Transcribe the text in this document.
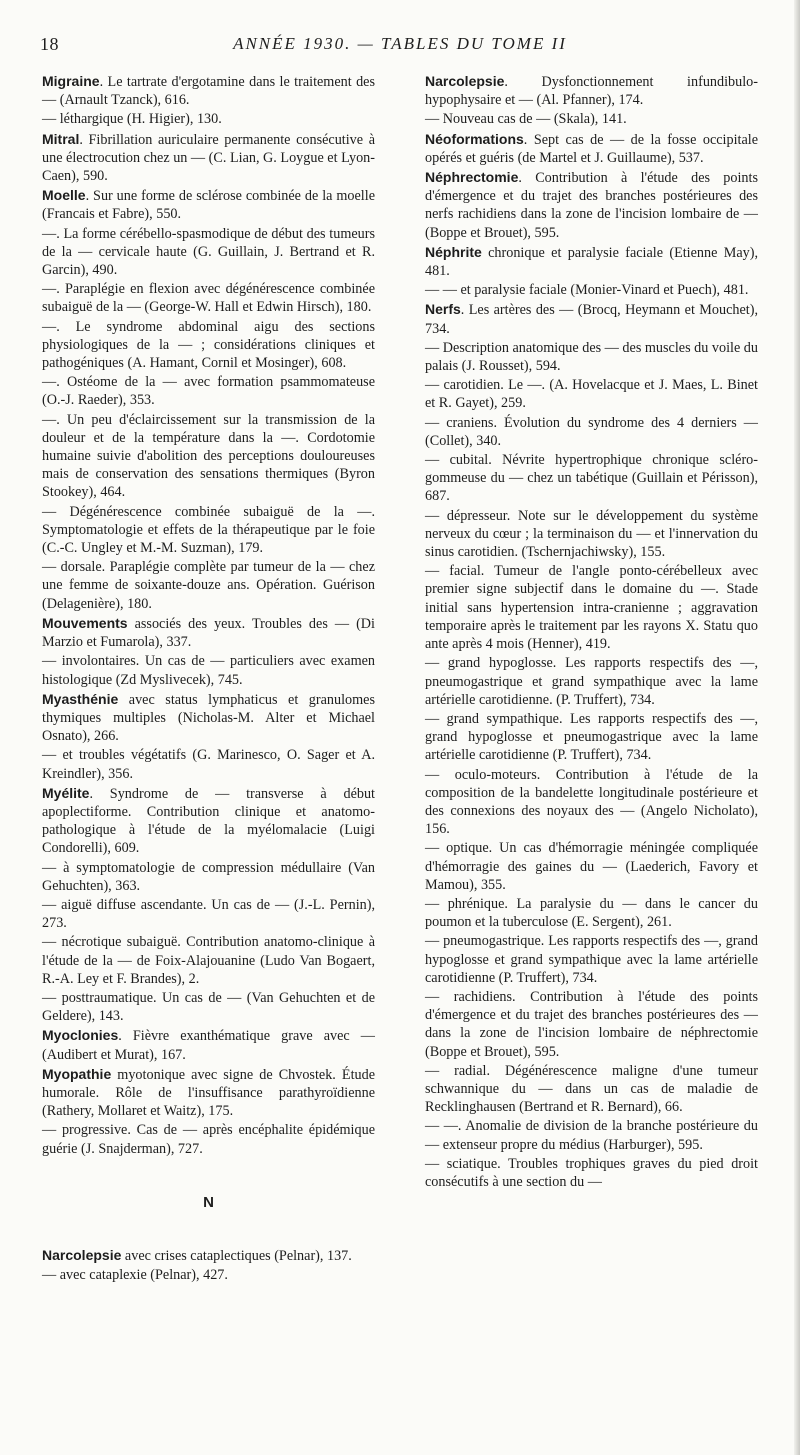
18	ANNÉE 1930. — TABLES DU TOME II

Migraine. Le tartrate d'ergotamine dans le traitement des — (Arnault Tzanck), 616.

— léthargique (H. Higier), 130.

Mitral. Fibrillation auriculaire permanente consécutive à une électrocution chez un — (C. Lian, G. Loygue et Lyon-Caen), 590.

Moelle. Sur une forme de sclérose combinée de la moelle (Francais et Fabre), 550.

—. La forme cérébello-spasmodique de début des tumeurs de la — cervicale haute (G. Guillain, J. Bertrand et R. Garcin), 490.

—. Paraplégie en flexion avec dégénérescence combinée subaiguë de la — (George-W. Hall et Edwin Hirsch), 180.

—. Le syndrome abdominal aigu des sections physiologiques de la — ; considérations cliniques et pathogéniques (A. Hamant, Cornil et Mosinger), 608.

—. Ostéome de la — avec formation psammomateuse (O.-J. Raeder), 353.

—. Un peu d'éclaircissement sur la transmission de la douleur et de la température dans la —. Cordotomie humaine suivie d'abolition des perceptions douloureuses mais de conservation des sensations thermiques (Byron Stookey), 464.

— Dégénérescence combinée subaiguë de la —. Symptomatologie et effets de la thérapeutique par le foie (C.-C. Ungley et M.-M. Suzman), 179.

— dorsale. Paraplégie complète par tumeur de la — chez une femme de soixante-douze ans. Opération. Guérison (Delagenière), 180.

Mouvements associés des yeux. Troubles des — (Di Marzio et Fumarola), 337.

— involontaires. Un cas de — particuliers avec examen histologique (Zd Myslivecek), 745.

Myasthénie avec status lymphaticus et granulomes thymiques multiples (Nicholas-M. Alter et Michael Osnato), 266.

— et troubles végétatifs (G. Marinesco, O. Sager et A. Kreindler), 356.

Myélite. Syndrome de — transverse à début apoplectiforme. Contribution clinique et anatomo-pathologique à l'étude de la myélomalacie (Luigi Condorelli), 609.

— à symptomatologie de compression médullaire (Van Gehuchten), 363.

— aiguë diffuse ascendante. Un cas de — (J.-L. Pernin), 273.

— nécrotique subaiguë. Contribution anatomo-clinique à l'étude de la — de Foix-Alajouanine (Ludo Van Bogaert, R.-A. Ley et F. Brandes), 2.

— posttraumatique. Un cas de — (Van Gehuchten et de Geldere), 143.

Myoclonies. Fièvre exanthématique grave avec — (Audibert et Murat), 167.

Myopathie myotonique avec signe de Chvostek. Étude humorale. Rôle de l'insuffisance parathyroïdienne (Rathery, Mollaret et Waitz), 175.

— progressive. Cas de — après encéphalite épidémique guérie (J. Snajderman), 727.

N

Narcolepsie avec crises cataplectiques (Pelnar), 137.

— avec cataplexie (Pelnar), 427.

Narcolepsie. Dysfonctionnement infundibulo-hypophysaire et — (Al. Pfanner), 174.

— Nouveau cas de — (Skala), 141.

Néoformations. Sept cas de — de la fosse occipitale opérés et guéris (de Martel et J. Guillaume), 537.

Néphrectomie. Contribution à l'étude des points d'émergence et du trajet des branches postérieures des nerfs rachidiens dans la zone de l'incision lombaire de — (Boppe et Brouet), 595.

Néphrite chronique et paralysie faciale (Etienne May), 481.

— — et paralysie faciale (Monier-Vinard et Puech), 481.

Nerfs. Les artères des — (Brocq, Heymann et Mouchet), 734.

— Description anatomique des — des muscles du voile du palais (J. Rousset), 594.

— carotidien. Le —. (A. Hovelacque et J. Maes, L. Binet et R. Gayet), 259.

— craniens. Évolution du syndrome des 4 derniers — (Collet), 340.

— cubital. Névrite hypertrophique chronique scléro-gommeuse du — chez un tabétique (Guillain et Périsson), 687.

— dépresseur. Note sur le développement du système nerveux du cœur ; la terminaison du — et l'innervation du sinus carotidien. (Tschernjachiwsky), 155.

— facial. Tumeur de l'angle ponto-cérébelleux avec premier signe subjectif dans le domaine du —. Stade initial sans hypertension intra-cranienne ; aggravation temporaire après le traitement par les rayons X. Statu quo ante après 4 mois (Henner), 419.

— grand hypoglosse. Les rapports respectifs des —, pneumogastrique et grand sympathique avec la lame artérielle carotidienne. (P. Truffert), 734.

— grand sympathique. Les rapports respectifs des —, grand hypoglosse et pneumogastrique avec la lame artérielle carotidienne (P. Truffert), 734.

— oculo-moteurs. Contribution à l'étude de la composition de la bandelette longitudinale postérieure et des connexions des noyaux des — (Angelo Nicholato), 156.

— optique. Un cas d'hémorragie méningée compliquée d'hémorragie des gaines du — (Laederich, Favory et Mamou), 355.

— phrénique. La paralysie du — dans le cancer du poumon et la tuberculose (E. Sergent), 261.

— pneumogastrique. Les rapports respectifs des —, grand hypoglosse et grand sympathique avec la lame artérielle carotidienne (P. Truffert), 734.

— rachidiens. Contribution à l'étude des points d'émergence et du trajet des branches postérieures des — dans la zone de l'incision lombaire de néphrectomie (Boppe et Brouet), 595.

— radial. Dégénérescence maligne d'une tumeur schwannique du — dans un cas de maladie de Recklinghausen (Bertrand et R. Bernard), 66.

— —. Anomalie de division de la branche postérieure du — extenseur propre du médius (Harburger), 595.

— sciatique. Troubles trophiques graves du pied droit consécutifs à une section du —
